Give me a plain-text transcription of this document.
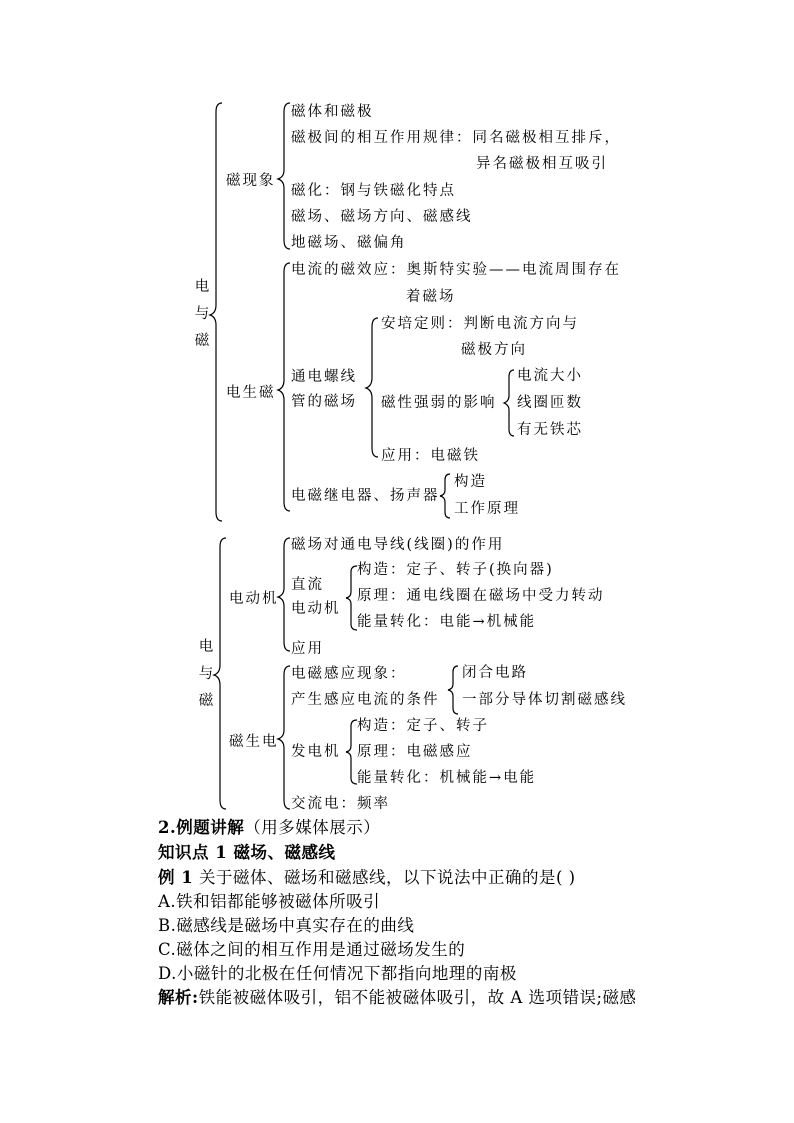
电
与
磁
磁现象
磁体和磁极
磁极间的相互作用规律：同名磁极相互排斥，
异名磁极相互吸引
磁化：钢与铁磁化特点
磁场、磁场方向、磁感线
地磁场、磁偏角
电生磁
电流的磁效应：奥斯特实验——电流周围存在
着磁场
通电螺线
管的磁场
安培定则：判断电流方向与
磁极方向
磁性强弱的影响
电流大小
线圈匝数
有无铁芯
应用：电磁铁
电磁继电器、扬声器
构造
工作原理
电
与
磁
电动机
磁场对通电导线(线圈)的作用
直流
电动机
构造：定子、转子(换向器)
原理：通电线圈在磁场中受力转动
能量转化：电能→机械能
应用
磁生电
电磁感应现象：
产生感应电流的条件
闭合电路
一部分导体切割磁感线
发电机
构造：定子、转子
原理：电磁感应
能量转化：机械能→电能
交流电：频率
2.例题讲解（用多媒体展示）
知识点 1 磁场、磁感线
例 1 关于磁体、磁场和磁感线，以下说法中正确的是( )
A.铁和铝都能够被磁体所吸引
B.磁感线是磁场中真实存在的曲线
C.磁体之间的相互作用是通过磁场发生的
D.小磁针的北极在任何情况下都指向地理的南极
解析:铁能被磁体吸引，铝不能被磁体吸引，故 A 选项错误;磁感
